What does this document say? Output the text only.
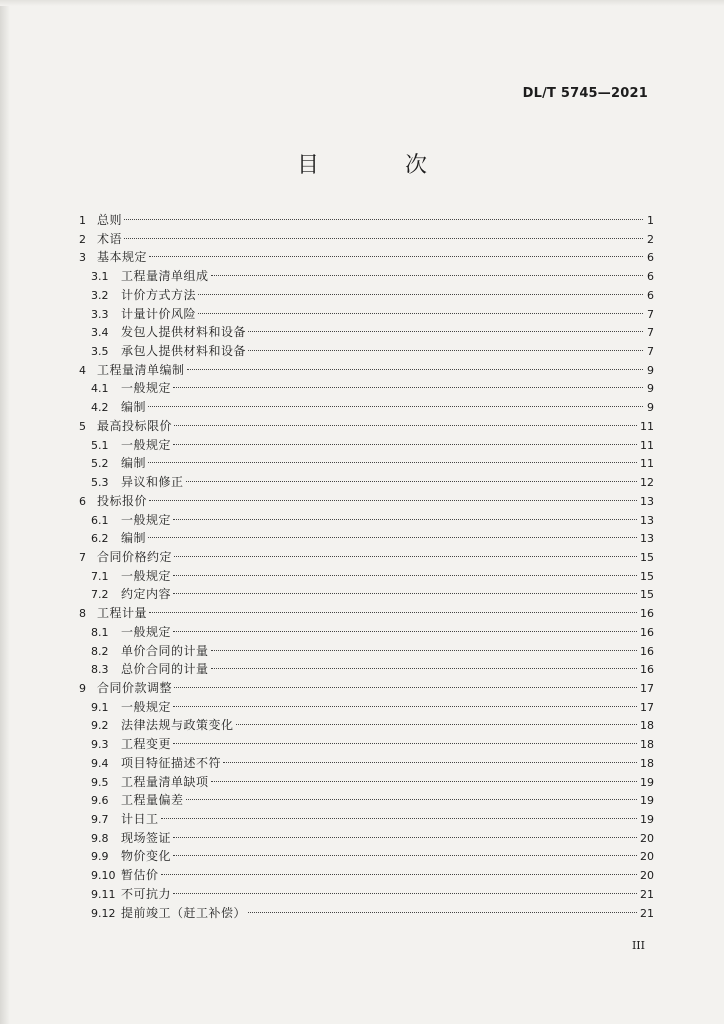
DL/T 5745—2021
目　次
1 总则	1
2 术语	2
3 基本规定	6
3.1	工程量清单组成	6
3.2	计价方式方法	6
3.3	计量计价风险	7
3.4	发包人提供材料和设备	7
3.5	承包人提供材料和设备	7
4 工程量清单编制	9
4.1	一般规定	9
4.2	编制	9
5 最高投标限价	11
5.1	一般规定	11
5.2	编制	11
5.3	异议和修正	12
6 投标报价	13
6.1	一般规定	13
6.2	编制	13
7 合同价格约定	15
7.1	一般规定	15
7.2	约定内容	15
8 工程计量	16
8.1	一般规定	16
8.2	单价合同的计量	16
8.3	总价合同的计量	16
9 合同价款调整	17
9.1	一般规定	17
9.2	法律法规与政策变化	18
9.3	工程变更	18
9.4	项目特征描述不符	18
9.5	工程量清单缺项	19
9.6	工程量偏差	19
9.7	计日工	19
9.8	现场签证	20
9.9	物价变化	20
9.10 暂估价	20
9.11 不可抗力	21
9.12 提前竣工（赶工补偿）	21
III
